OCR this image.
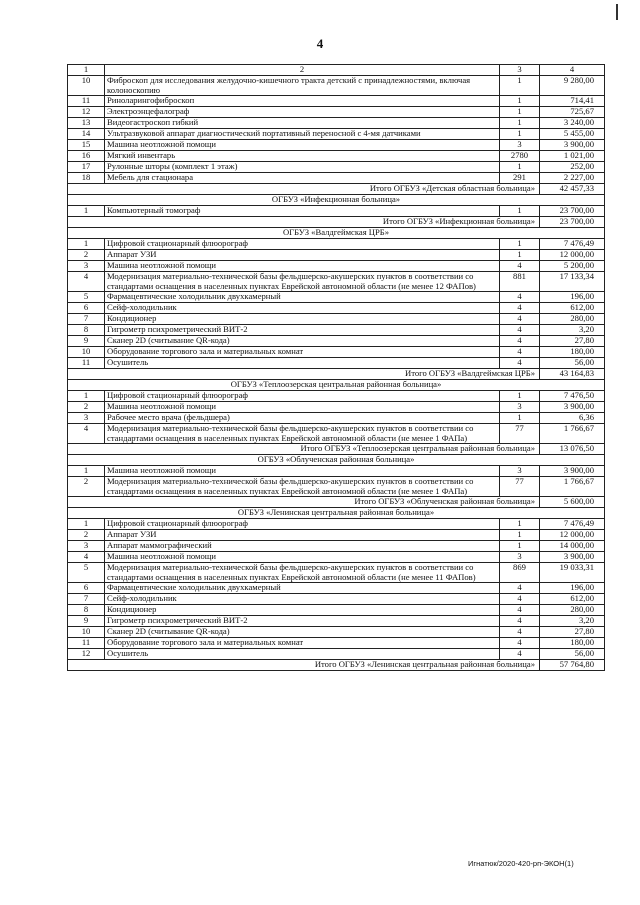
4
1	2	3	4
10	Фиброскоп для исследования желудочно-кишечного тракта детский с принадлежностями, включая колоноскопию	1	9 280,00
11	Риноларингофиброскоп	1	714,41
12	Электроэнцефалограф	1	725,67
13	Видеогастроскоп гибкий	1	3 240,00
14	Ультразвуковой аппарат диагностический портативный переносной с 4-мя датчиками	1	5 455,00
15	Машина неотложной помощи	3	3 900,00
16	Мягкий инвентарь	2780	1 021,00
17	Рулонные шторы (комплект 1 этаж)	1	252,00
18	Мебель для стационара	291	2 227,00
Итого ОГБУЗ «Детская областная больница»			42 457,33
ОГБУЗ «Инфекционная больница»			
1	Компьютерный томограф	1	23 700,00
Итого ОГБУЗ «Инфекционная больница»			23 700,00
ОГБУЗ «Валдгеймская ЦРБ»			
1	Цифровой стационарный флюорограф	1	7 476,49
2	Аппарат УЗИ	1	12 000,00
3	Машина неотложной помощи	4	5 200,00
4	Модернизация материально-технической базы фельдшерско-акушерских пунктов в соответствии со стандартами оснащения в населенных пунктах Еврейской автономной области (не менее 12 ФАПов)	881	17 133,34
5	Фармацевтические холодильник двухкамерный	4	196,00
6	Сейф-холодильник	4	612,00
7	Кондиционер	4	280,00
8	Гигрометр психрометрический ВИТ-2	4	3,20
9	Сканер 2D (считывание QR-кода)	4	27,80
10	Оборудование торгового зала и материальных комнат	4	180,00
11	Осушитель	4	56,00
Итого ОГБУЗ «Валдгеймская ЦРБ»			43 164,83
ОГБУЗ «Теплоозерская центральная районная больница»			
1	Цифровой стационарный флюорограф	1	7 476,50
2	Машина неотложной помощи	3	3 900,00
3	Рабочее место врача (фельдшера)	1	6,36
4	Модернизация материально-технической базы фельдшерско-акушерских пунктов в соответствии со стандартами оснащения в населенных пунктах Еврейской автономной области (не менее 1 ФАПа)	77	1 766,67
Итого ОГБУЗ «Теплоозерская центральная районная больница»			13 076,50
ОГБУЗ «Облученская районная больница»			
1	Машина неотложной помощи	3	3 900,00
2	Модернизация материально-технической базы фельдшерско-акушерских пунктов в соответствии со стандартами оснащения в населенных пунктах Еврейской автономной области (не менее 1 ФАПа)	77	1 766,67
Итого ОГБУЗ «Облученская районная больница»			5 600,00
ОГБУЗ «Ленинская центральная районная больница»			
1	Цифровой стационарный флюорограф	1	7 476,49
2	Аппарат УЗИ	1	12 000,00
3	Аппарат маммографический	1	14 000,00
4	Машина неотложной помощи	3	3 900,00
5	Модернизация материально-технической базы фельдшерско-акушерских пунктов в соответствии со стандартами оснащения в населенных пунктах Еврейской автономной области (не менее 11 ФАПов)	869	19 033,31
6	Фармацевтические холодильник двухкамерный	4	196,00
7	Сейф-холодильник	4	612,00
8	Кондиционер	4	280,00
9	Гигрометр психрометрический ВИТ-2	4	3,20
10	Сканер 2D (считывание QR-кода)	4	27,80
11	Оборудование торгового зала и материальных комнат	4	180,00
12	Осушитель	4	56,00
Итого ОГБУЗ «Ленинская центральная районная больница»			57 764,80
Игнатюк/2020-420-рп-ЭКОН(1)
